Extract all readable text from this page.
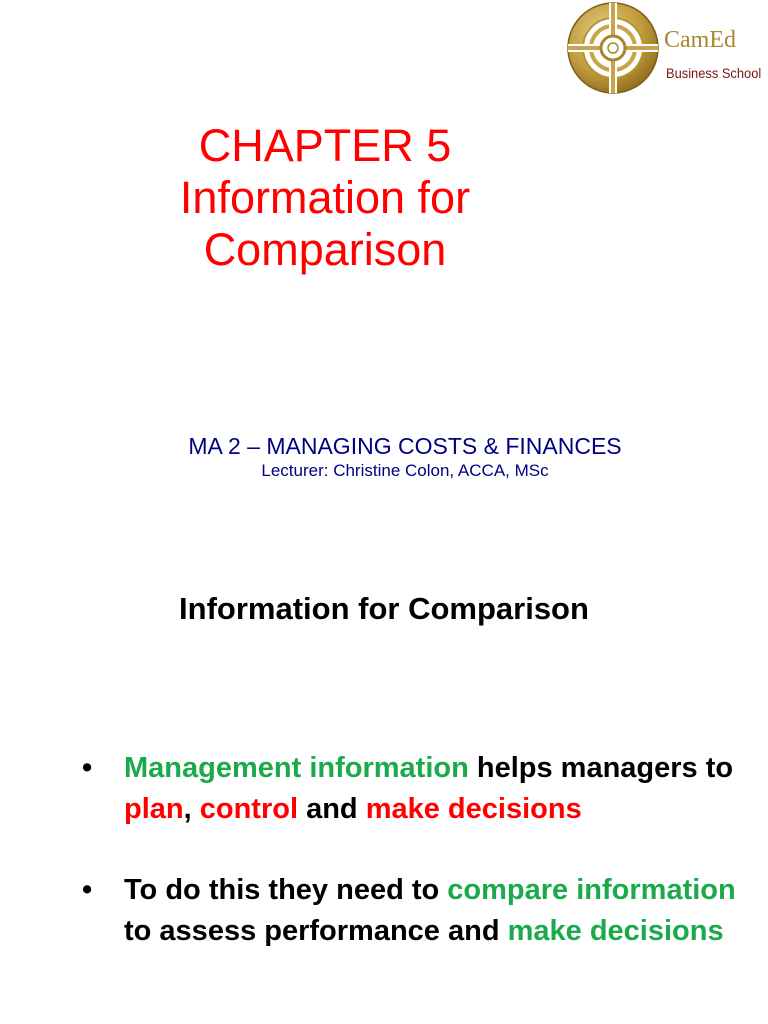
CamEd
Business School
CHAPTER 5
Information for
Comparison
MA 2 – MANAGING COSTS & FINANCES
Lecturer: Christine Colon, ACCA, MSc
Information for Comparison
• Management information helps managers to plan, control and make decisions
• To do this they need to compare information to assess performance and make decisions
